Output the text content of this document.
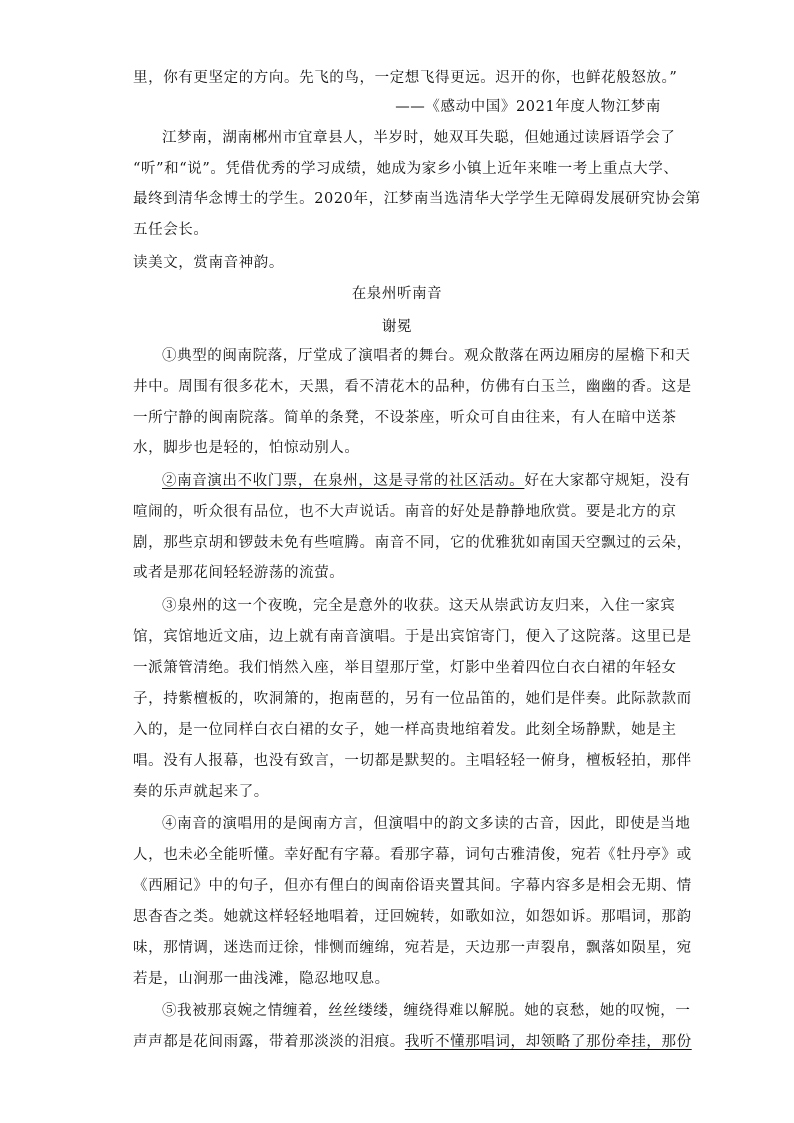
里，你有更坚定的方向。先飞的鸟，一定想飞得更远。迟开的你，也鲜花般怒放。”
——《感动中国》2021年度人物江梦南
江梦南，湖南郴州市宜章县人，半岁时，她双耳失聪，但她通过读唇语学会了
“听”和“说”。凭借优秀的学习成绩，她成为家乡小镇上近年来唯一考上重点大学、
最终到清华念博士的学生。2020年，江梦南当选清华大学学生无障碍发展研究协会第
五任会长。
读美文，赏南音神韵。
在泉州听南音
谢冕
①典型的闽南院落，厅堂成了演唱者的舞台。观众散落在两边厢房的屋檐下和天
井中。周围有很多花木，天黑，看不清花木的品种，仿佛有白玉兰，幽幽的香。这是
一所宁静的闽南院落。简单的条凳，不设茶座，听众可自由往来，有人在暗中送茶
水，脚步也是轻的，怕惊动别人。
②南音演出不收门票，在泉州，这是寻常的社区活动。好在大家都守规矩，没有
喧闹的，听众很有品位，也不大声说话。南音的好处是静静地欣赏。要是北方的京
剧，那些京胡和锣鼓未免有些喧腾。南音不同，它的优雅犹如南国天空飘过的云朵，
或者是那花间轻轻游荡的流萤。
③泉州的这一个夜晚，完全是意外的收获。这天从崇武访友归来，入住一家宾
馆，宾馆地近文庙，边上就有南音演唱。于是出宾馆寄门，便入了这院落。这里已是
一派箫管清绝。我们悄然入座，举目望那厅堂，灯影中坐着四位白衣白裙的年轻女
子，持紫檀板的，吹洞箫的，抱南琶的，另有一位品笛的，她们是伴奏。此际款款而
入的，是一位同样白衣白裙的女子，她一样高贵地绾着发。此刻全场静默，她是主
唱。没有人报幕，也没有致言，一切都是默契的。主唱轻轻一俯身，檀板轻拍，那伴
奏的乐声就起来了。
④南音的演唱用的是闽南方言，但演唱中的韵文多读的古音，因此，即使是当地
人，也未必全能听懂。幸好配有字幕。看那字幕，词句古雅清俊，宛若《牡丹亭》或
《西厢记》中的句子，但亦有俚白的闽南俗语夹置其间。字幕内容多是相会无期、情
思杳杳之类。她就这样轻轻地唱着，迂回婉转，如歌如泣，如怨如诉。那唱词，那韵
味，那情调，迷迭而迂徐，悱恻而缠绵，宛若是，天边那一声裂帛，飘落如陨星，宛
若是，山涧那一曲浅滩，隐忍地叹息。
⑤我被那哀婉之情缠着，丝丝缕缕，缠绕得难以解脱。她的哀愁，她的叹惋，一
声声都是花间雨露，带着那淡淡的泪痕。我听不懂那唱词，却领略了那份牵挂，那份
